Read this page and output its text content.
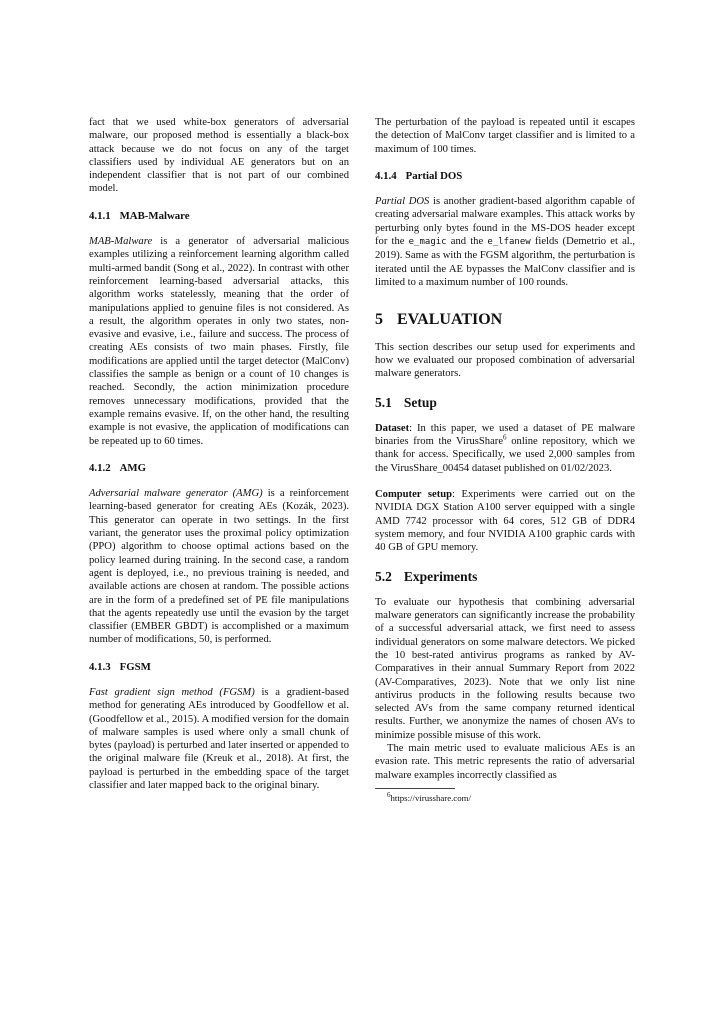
fact that we used white-box generators of adversarial malware, our proposed method is essentially a black-box attack because we do not focus on any of the target classifiers used by individual AE generators but on an independent classifier that is not part of our combined model.

4.1.1 MAB-Malware

MAB-Malware is a generator of adversarial malicious examples utilizing a reinforcement learning algorithm called multi-armed bandit (Song et al., 2022). In contrast with other reinforcement learning-based adversarial attacks, this algorithm works statelessly, meaning that the order of manipulations applied to genuine files is not considered. As a result, the algorithm operates in only two states, non-evasive and evasive, i.e., failure and success. The process of creating AEs consists of two main phases. Firstly, file modifications are applied until the target detector (MalConv) classifies the sample as benign or a count of 10 changes is reached. Secondly, the action minimization procedure removes unnecessary modifications, provided that the example remains evasive. If, on the other hand, the resulting example is not evasive, the application of modifications can be repeated up to 60 times.

4.1.2 AMG

Adversarial malware generator (AMG) is a reinforcement learning-based generator for creating AEs (Kozák, 2023). This generator can operate in two settings. In the first variant, the generator uses the proximal policy optimization (PPO) algorithm to choose optimal actions based on the policy learned during training. In the second case, a random agent is deployed, i.e., no previous training is needed, and available actions are chosen at random. The possible actions are in the form of a predefined set of PE file manipulations that the agents repeatedly use until the evasion by the target classifier (EMBER GBDT) is accomplished or a maximum number of modifications, 50, is performed.

4.1.3 FGSM

Fast gradient sign method (FGSM) is a gradient-based method for generating AEs introduced by Goodfellow et al. (Goodfellow et al., 2015). A modified version for the domain of malware samples is used where only a small chunk of bytes (payload) is perturbed and later inserted or appended to the original malware file (Kreuk et al., 2018). At first, the payload is perturbed in the embedding space of the target classifier and later mapped back to the original binary.

The perturbation of the payload is repeated until it escapes the detection of MalConv target classifier and is limited to a maximum of 100 times.

4.1.4 Partial DOS

Partial DOS is another gradient-based algorithm capable of creating adversarial malware examples. This attack works by perturbing only bytes found in the MS-DOS header except for the e_magic and the e_lfanew fields (Demetrio et al., 2019). Same as with the FGSM algorithm, the perturbation is iterated until the AE bypasses the MalConv classifier and is limited to a maximum number of 100 rounds.

5 EVALUATION

This section describes our setup used for experiments and how we evaluated our proposed combination of adversarial malware generators.

5.1 Setup

Dataset: In this paper, we used a dataset of PE malware binaries from the VirusShare$^6$ online repository, which we thank for access. Specifically, we used 2,000 samples from the VirusShare_00454 dataset published on 01/02/2023.

Computer setup: Experiments were carried out on the NVIDIA DGX Station A100 server equipped with a single AMD 7742 processor with 64 cores, 512 GB of DDR4 system memory, and four NVIDIA A100 graphic cards with 40 GB of GPU memory.

5.2 Experiments

To evaluate our hypothesis that combining adversarial malware generators can significantly increase the probability of a successful adversarial attack, we first need to assess individual generators on some malware detectors. We picked the 10 best-rated antivirus programs as ranked by AV-Comparatives in their annual Summary Report from 2022 (AV-Comparatives, 2023). Note that we only list nine antivirus products in the following results because two selected AVs from the same company returned identical results. Further, we anonymize the names of chosen AVs to minimize possible misuse of this work.

The main metric used to evaluate malicious AEs is an evasion rate. This metric represents the ratio of adversarial malware examples incorrectly classified as

$^6$https://virusshare.com/
